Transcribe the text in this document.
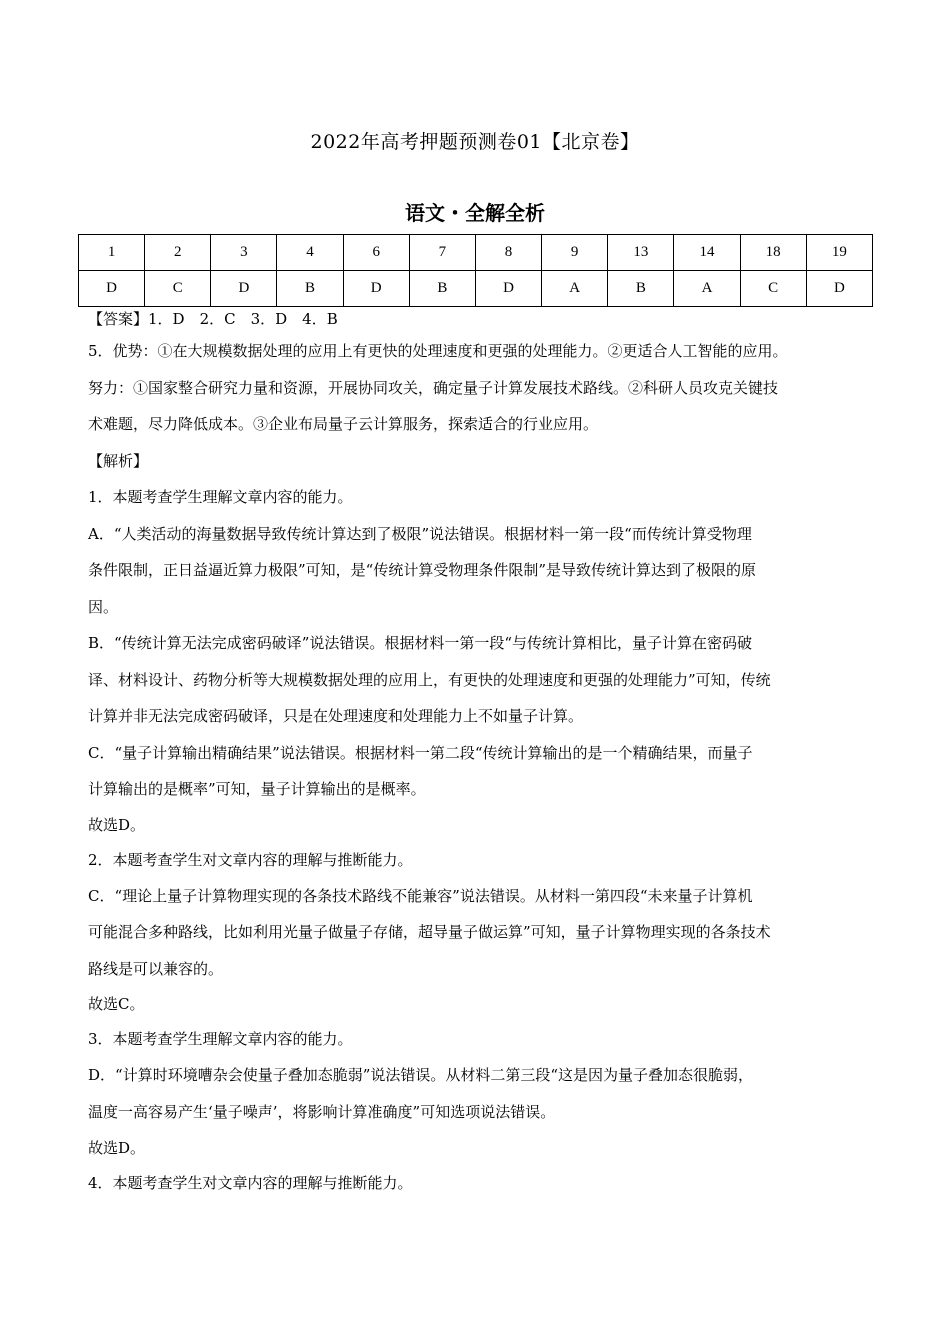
2022年高考押题预测卷01【北京卷】
语文・全解全析
1	2	3	4	6	7	8	9	13	14	18	19
D	C	D	B	D	B	D	A	B	A	C	D
【答案】1．D　2．C　3．D　4．B
5．优势：①在大规模数据处理的应用上有更快的处理速度和更强的处理能力。②更适合人工智能的应用。
努力：①国家整合研究力量和资源，开展协同攻关，确定量子计算发展技术路线。②科研人员攻克关键技
术难题，尽力降低成本。③企业布局量子云计算服务，探索适合的行业应用。
【解析】
1．本题考查学生理解文章内容的能力。
A．“人类活动的海量数据导致传统计算达到了极限”说法错误。根据材料一第一段“而传统计算受物理
条件限制，正日益逼近算力极限”可知，是“传统计算受物理条件限制”是导致传统计算达到了极限的原
因。
B．“传统计算无法完成密码破译”说法错误。根据材料一第一段“与传统计算相比，量子计算在密码破
译、材料设计、药物分析等大规模数据处理的应用上，有更快的处理速度和更强的处理能力”可知，传统
计算并非无法完成密码破译，只是在处理速度和处理能力上不如量子计算。
C．“量子计算输出精确结果”说法错误。根据材料一第二段“传统计算输出的是一个精确结果，而量子
计算输出的是概率”可知，量子计算输出的是概率。
故选D。
2．本题考查学生对文章内容的理解与推断能力。
C．“理论上量子计算物理实现的各条技术路线不能兼容”说法错误。从材料一第四段“未来量子计算机
可能混合多种路线，比如利用光量子做量子存储，超导量子做运算”可知，量子计算物理实现的各条技术
路线是可以兼容的。
故选C。
3．本题考查学生理解文章内容的能力。
D．“计算时环境嘈杂会使量子叠加态脆弱”说法错误。从材料二第三段“这是因为量子叠加态很脆弱，
温度一高容易产生‘量子噪声’，将影响计算准确度”可知选项说法错误。
故选D。
4．本题考查学生对文章内容的理解与推断能力。
